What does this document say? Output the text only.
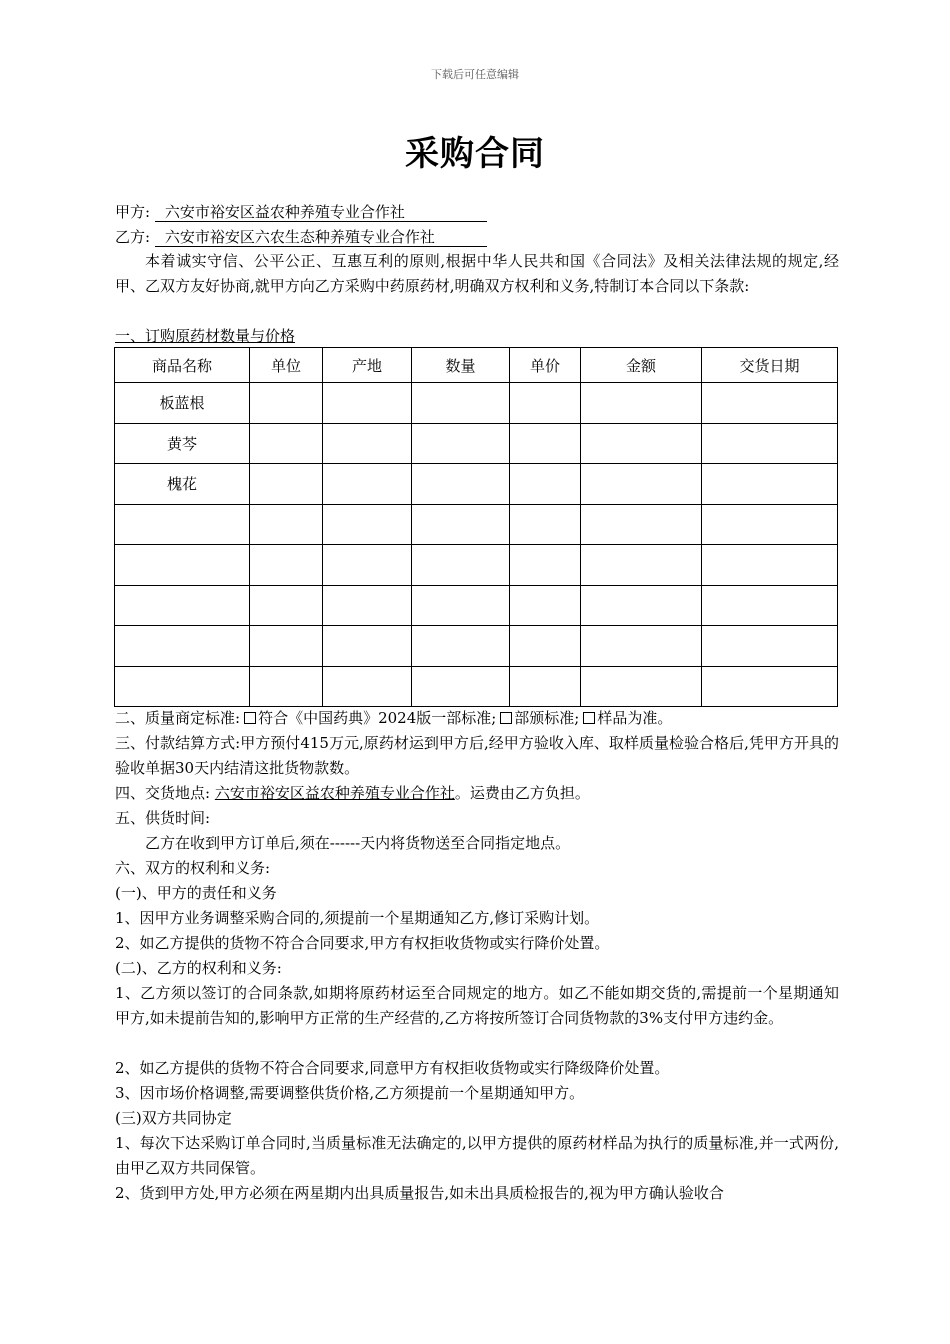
下载后可任意编辑
采购合同
甲方: 六安市裕安区益农种养殖专业合作社
乙方: 六安市裕安区六农生态种养殖专业合作社
本着诚实守信、公平公正、互惠互利的原则,根据中华人民共和国《合同法》及相关法律法规的规定,经甲、乙双方友好协商,就甲方向乙方采购中药原药材,明确双方权利和义务,特制订本合同以下条款:
一、订购原药材数量与价格
商品名称	单位	产地	数量	单价	金额	交货日期
板蓝根						
黄芩						
槐花						

二、质量商定标准: 符合《中国药典》2024版一部标准; 部颁标准; 样品为准。
三、付款结算方式:甲方预付415万元,原药材运到甲方后,经甲方验收入库、取样质量检验合格后,凭甲方开具的验收单据30天内结清这批货物款数。
四、交货地点: 六安市裕安区益农种养殖专业合作社。运费由乙方负担。
五、供货时间:
乙方在收到甲方订单后,须在------天内将货物送至合同指定地点。
六、双方的权利和义务:
(一)、甲方的责任和义务
1、因甲方业务调整采购合同的,须提前一个星期通知乙方,修订采购计划。
2、如乙方提供的货物不符合合同要求,甲方有权拒收货物或实行降价处置。
(二)、乙方的权利和义务:
1、乙方须以签订的合同条款,如期将原药材运至合同规定的地方。如乙不能如期交货的,需提前一个星期通知甲方,如未提前告知的,影响甲方正常的生产经营的,乙方将按所签订合同货物款的3%支付甲方违约金。
2、如乙方提供的货物不符合合同要求,同意甲方有权拒收货物或实行降级降价处置。
3、因市场价格调整,需要调整供货价格,乙方须提前一个星期通知甲方。
(三)双方共同协定
1、每次下达采购订单合同时,当质量标准无法确定的,以甲方提供的原药材样品为执行的质量标准,并一式两份,由甲乙双方共同保管。
2、货到甲方处,甲方必须在两星期内出具质量报告,如未出具质检报告的,视为甲方确认验收合
